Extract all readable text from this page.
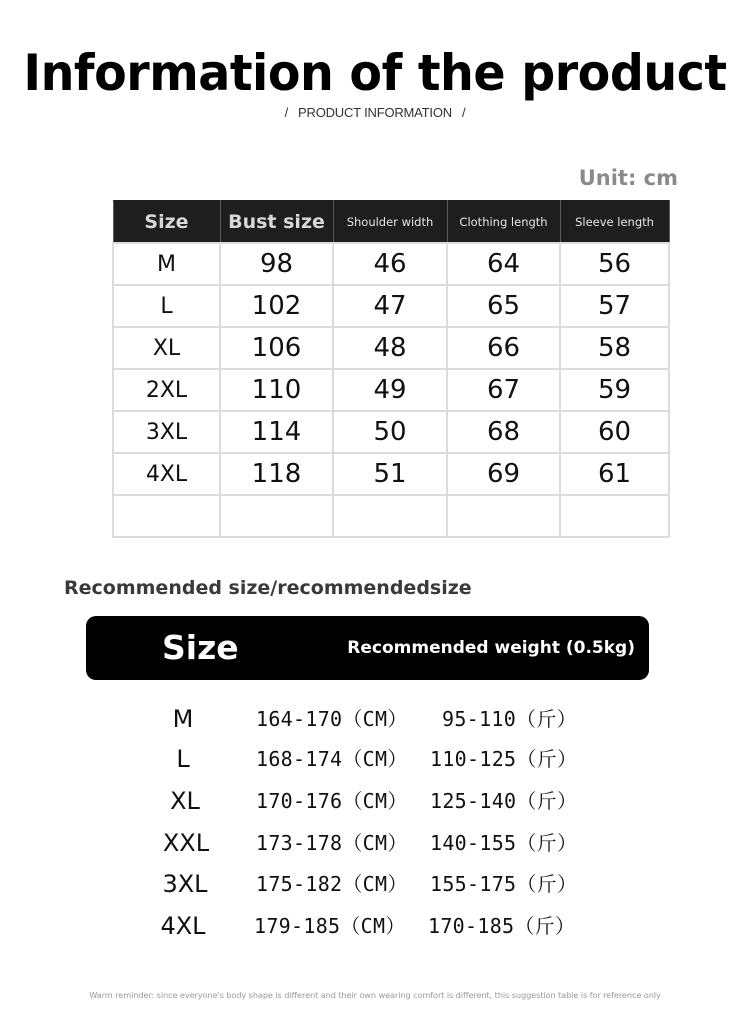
Information of the product
/ PRODUCT INFORMATION /
Unit: cm
Size	Bust size	Shoulder width	Clothing length	Sleeve length
M	98	46	64	56
L	102	47	65	57
XL	106	48	66	58
2XL	110	49	67	59
3XL	114	50	68	60
4XL	118	51	69	61

Recommended size/recommendedsize
Size	Recommended weight (0.5kg)
M	164-170（CM） 95-110（斤）
L	168-174（CM） 110-125（斤）
XL	170-176（CM） 125-140（斤）
XXL	173-178（CM） 140-155（斤）
3XL	175-182（CM） 155-175（斤）
4XL	179-185（CM） 170-185（斤）
Warm reminder: since everyone's body shape is different and their own wearing comfort is different, this suggestion table is for reference only
